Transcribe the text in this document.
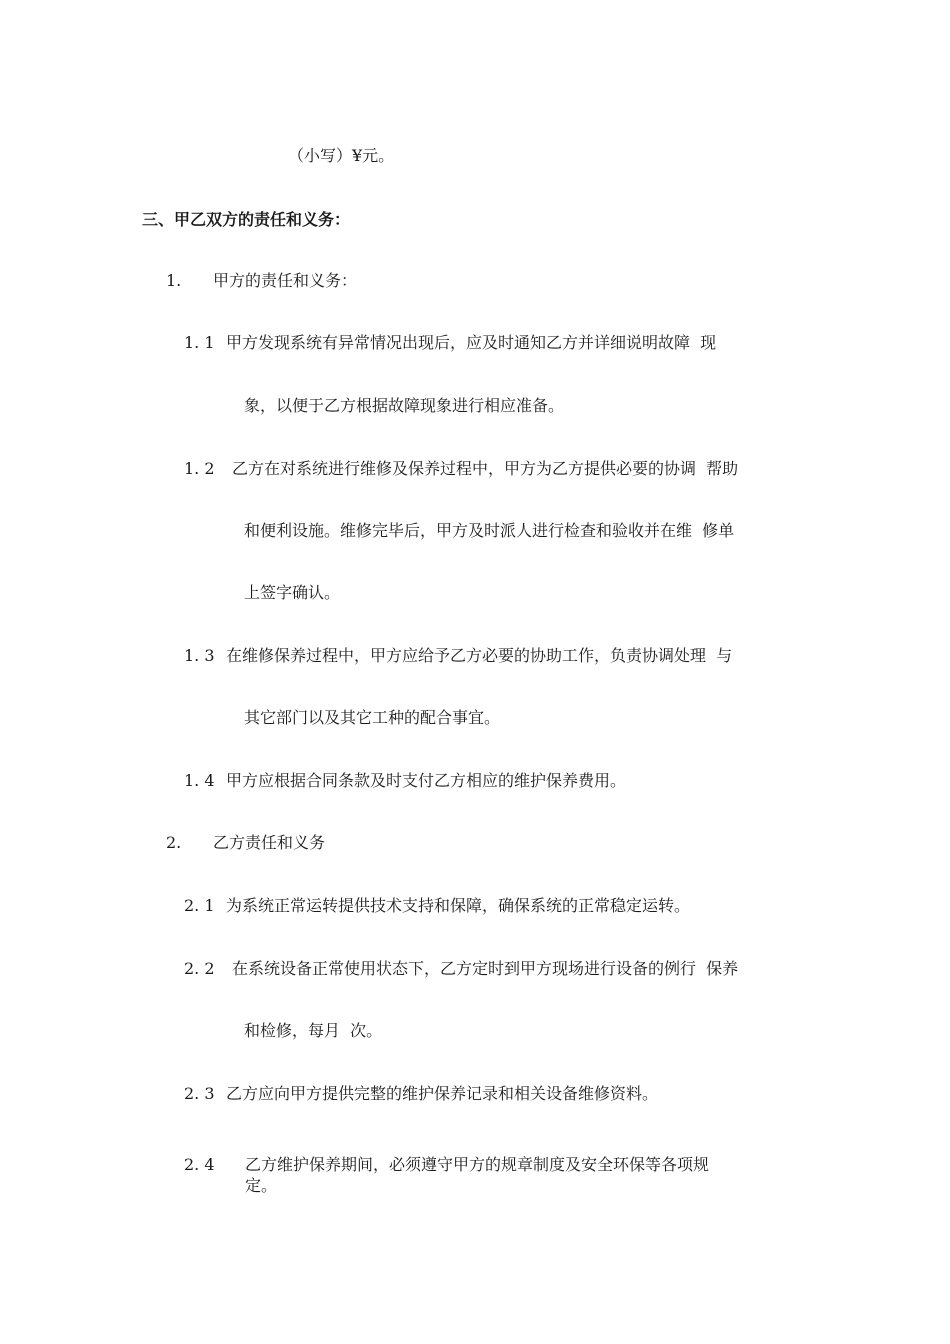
（小写）¥元。
三、甲乙双方的责任和义务：
1. 甲方的责任和义务：
1. 1 甲方发现系统有异常情况出现后，应及时通知乙方并详细说明故障  现
象，以便于乙方根据故障现象进行相应准备。
1. 2 乙方在对系统进行维修及保养过程中，甲方为乙方提供必要的协调  帮助
和便利设施。维修完毕后，甲方及时派人进行检查和验收并在维  修单
上签字确认。
1. 3 在维修保养过程中，甲方应给予乙方必要的协助工作，负责协调处理  与
其它部门以及其它工种的配合事宜。
1. 4 甲方应根据合同条款及时支付乙方相应的维护保养费用。
2. 乙方责任和义务
2. 1 为系统正常运转提供技术支持和保障，确保系统的正常稳定运转。
2. 2 在系统设备正常使用状态下，乙方定时到甲方现场进行设备的例行  保养
和检修，每月  次。
2. 3 乙方应向甲方提供完整的维护保养记录和相关设备维修资料。
2. 4 乙方维护保养期间，必须遵守甲方的规章制度及安全环保等各项规
定。
